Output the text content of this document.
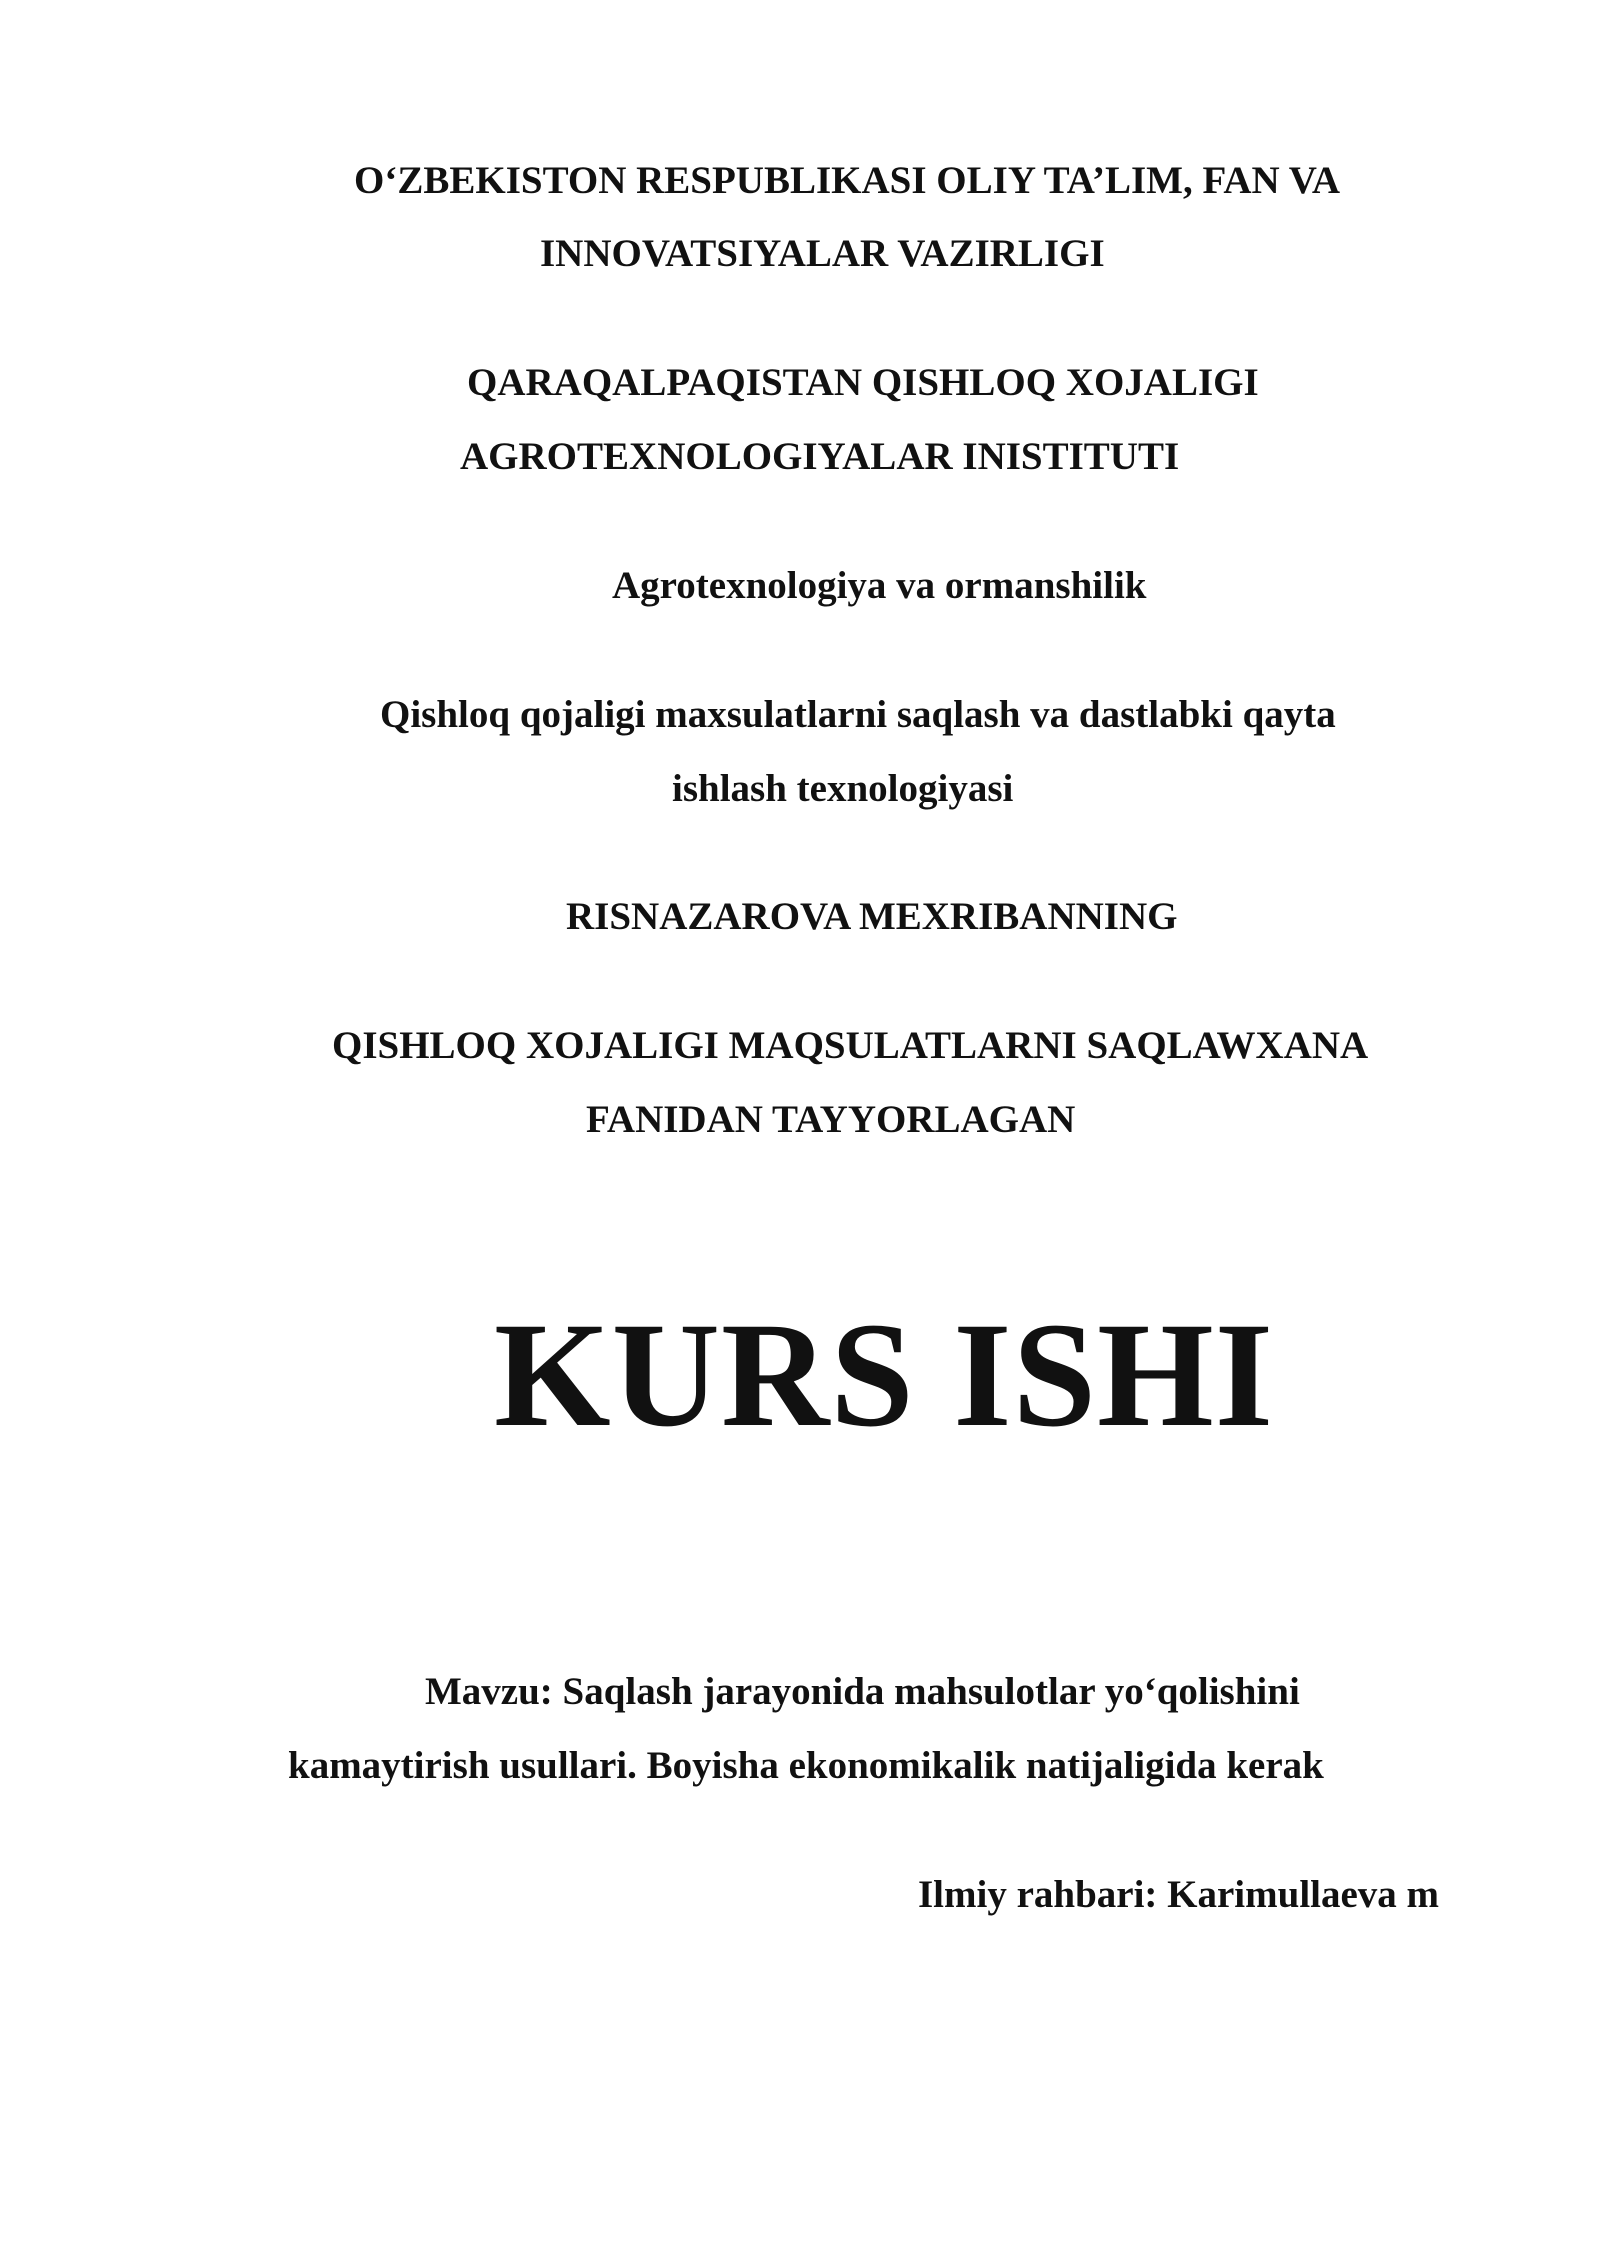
O‘ZBEKISTON RESPUBLIKASI OLIY TA’LIM, FAN VA
INNOVATSIYALAR VAZIRLIGI
QARAQALPAQISTAN QISHLOQ XOJALIGI
AGROTEXNOLOGIYALAR INISTITUTI
Agrotexnologiya va ormanshilik
Qishloq qojaligi maxsulatlarni saqlash va dastlabki qayta
ishlash texnologiyasi
RISNAZAROVA MEXRIBANNING
QISHLOQ XOJALIGI MAQSULATLARNI SAQLAWXANA
FANIDAN TAYYORLAGAN
KURS ISHI
Mavzu: Saqlash jarayonida mahsulotlar yo‘qolishini
kamaytirish usullari. Boyisha ekonomikalik natijaligida kerak
Ilmiy rahbari: Karimullaeva m
